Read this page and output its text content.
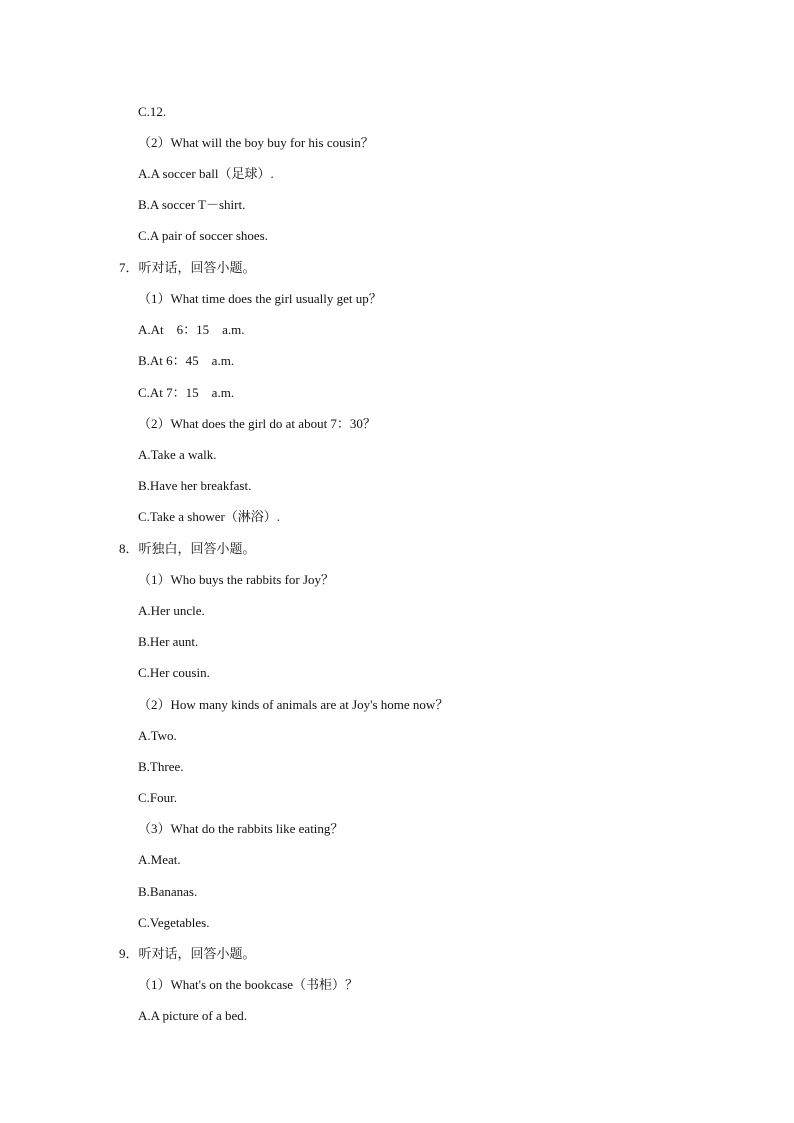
C.12.
（2）What will the boy buy for his cousin？
A.A soccer ball（足球）.
B.A soccer T－shirt.
C.A pair of soccer shoes.
7．听对话，回答小题。
（1）What time does the girl usually get up？
A.At　6：15　a.m.
B.At 6：45　a.m.
C.At 7：15　a.m.
（2）What does the girl do at about 7：30？
A.Take a walk.
B.Have her breakfast.
C.Take a shower（淋浴）.
8．听独白，回答小题。
（1）Who buys the rabbits for Joy？
A.Her uncle.
B.Her aunt.
C.Her cousin.
（2）How many kinds of animals are at Joy's home now？
A.Two.
B.Three.
C.Four.
（3）What do the rabbits like eating？
A.Meat.
B.Bananas.
C.Vegetables.
9．听对话，回答小题。
（1）What's on the bookcase（书柜）？
A.A picture of a bed.
